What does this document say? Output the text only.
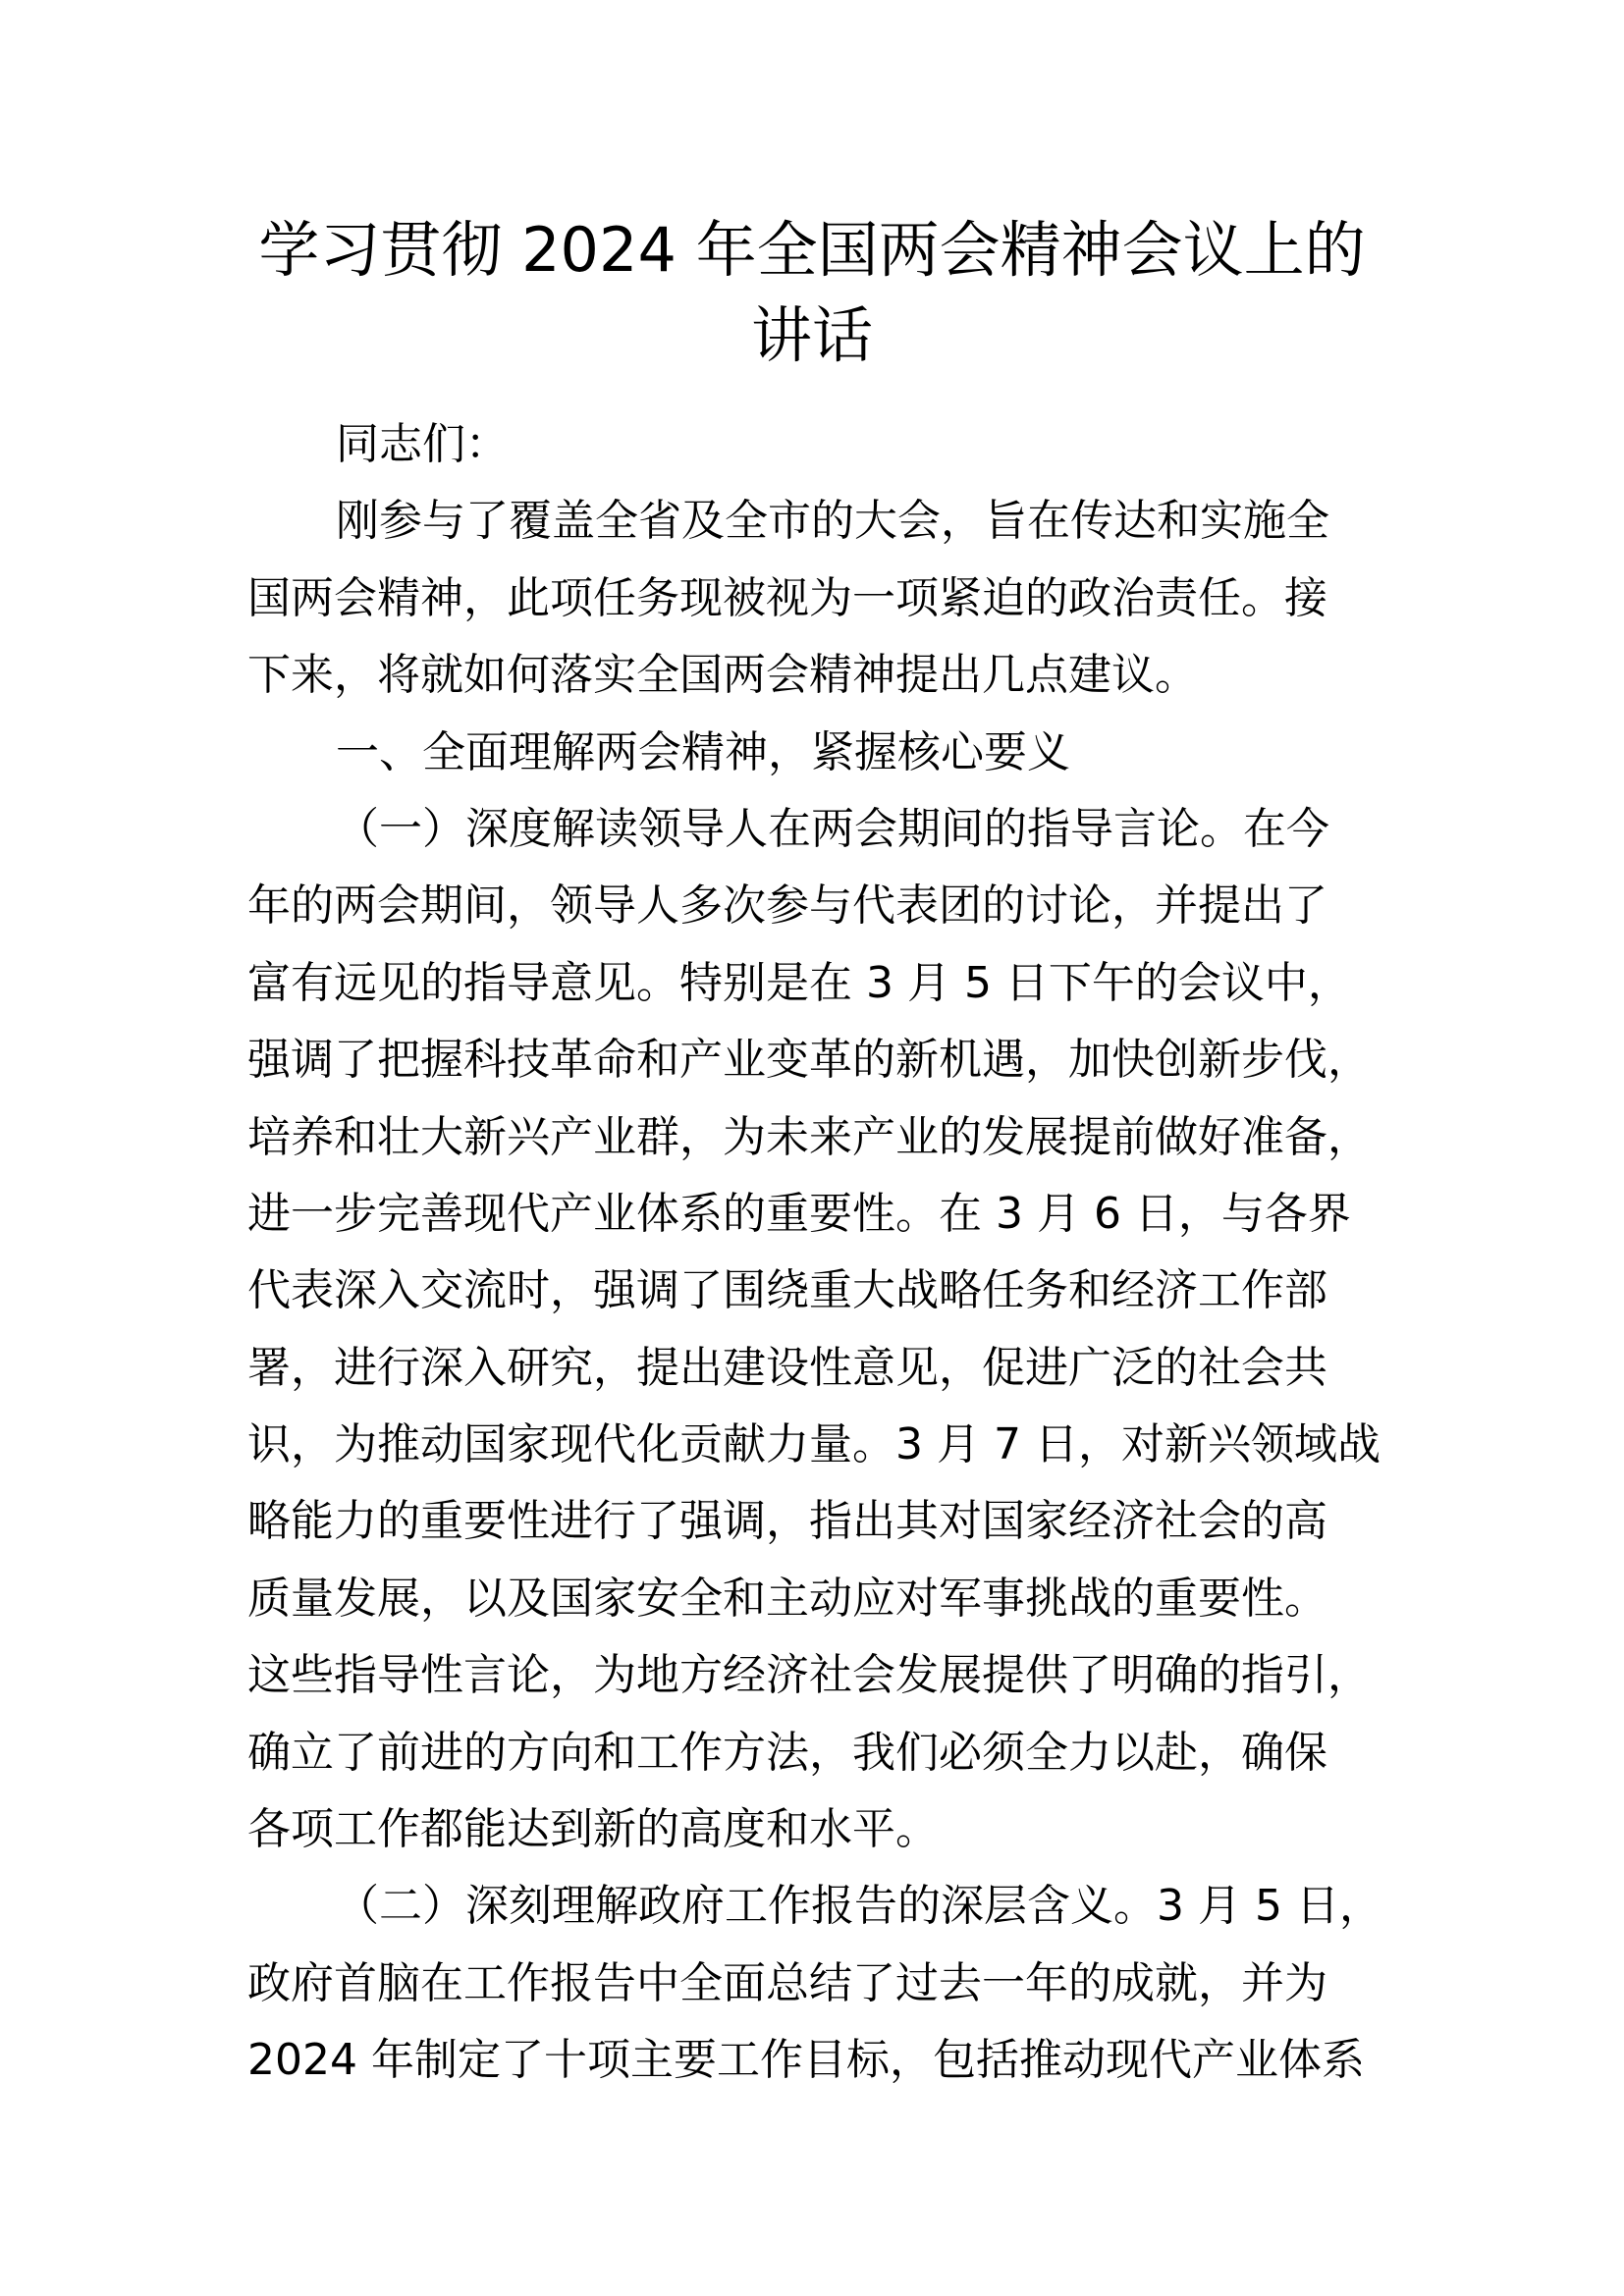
学习贯彻 2024 年全国两会精神会议上的
讲话
同志们：
刚参与了覆盖全省及全市的大会，旨在传达和实施全
国两会精神，此项任务现被视为一项紧迫的政治责任。接
下来，将就如何落实全国两会精神提出几点建议。
一、全面理解两会精神，紧握核心要义
（一）深度解读领导人在两会期间的指导言论。在今
年的两会期间，领导人多次参与代表团的讨论，并提出了
富有远见的指导意见。特别是在 3 月 5 日下午的会议中，
强调了把握科技革命和产业变革的新机遇，加快创新步伐，
培养和壮大新兴产业群，为未来产业的发展提前做好准备，
进一步完善现代产业体系的重要性。在 3 月 6 日，与各界
代表深入交流时，强调了围绕重大战略任务和经济工作部
署，进行深入研究，提出建设性意见，促进广泛的社会共
识，为推动国家现代化贡献力量。3 月 7 日，对新兴领域战
略能力的重要性进行了强调，指出其对国家经济社会的高
质量发展，以及国家安全和主动应对军事挑战的重要性。
这些指导性言论，为地方经济社会发展提供了明确的指引，
确立了前进的方向和工作方法，我们必须全力以赴，确保
各项工作都能达到新的高度和水平。
（二）深刻理解政府工作报告的深层含义。3 月 5 日，
政府首脑在工作报告中全面总结了过去一年的成就，并为
2024 年制定了十项主要工作目标，包括推动现代产业体系
